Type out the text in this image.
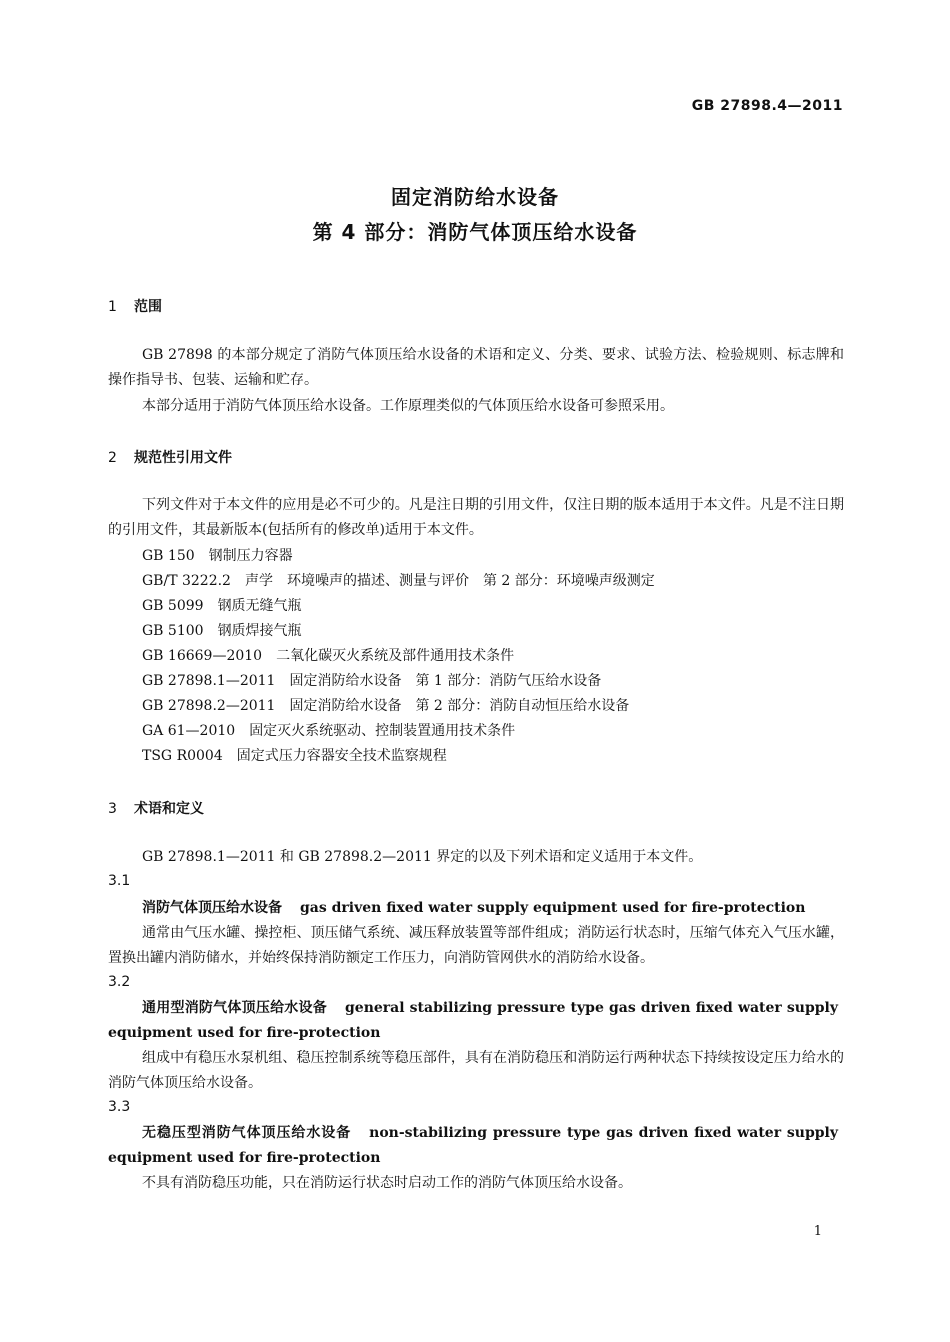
GB 27898.4—2011
固定消防给水设备
第 4 部分：消防气体顶压给水设备
1 范围
GB 27898 的本部分规定了消防气体顶压给水设备的术语和定义、分类、要求、试验方法、检验规则、标志牌和操作指导书、包装、运输和贮存。
本部分适用于消防气体顶压给水设备。工作原理类似的气体顶压给水设备可参照采用。
2 规范性引用文件
下列文件对于本文件的应用是必不可少的。凡是注日期的引用文件，仅注日期的版本适用于本文件。凡是不注日期的引用文件，其最新版本(包括所有的修改单)适用于本文件。
GB 150 钢制压力容器
GB/T 3222.2 声学　环境噪声的描述、测量与评价　第 2 部分：环境噪声级测定
GB 5099 钢质无缝气瓶
GB 5100 钢质焊接气瓶
GB 16669—2010 二氧化碳灭火系统及部件通用技术条件
GB 27898.1—2011 固定消防给水设备　第 1 部分：消防气压给水设备
GB 27898.2—2011 固定消防给水设备　第 2 部分：消防自动恒压给水设备
GA 61—2010 固定灭火系统驱动、控制装置通用技术条件
TSG R0004 固定式压力容器安全技术监察规程
3 术语和定义
GB 27898.1—2011 和 GB 27898.2—2011 界定的以及下列术语和定义适用于本文件。
3.1
消防气体顶压给水设备 gas driven fixed water supply equipment used for fire-protection
通常由气压水罐、操控柜、顶压储气系统、减压释放装置等部件组成；消防运行状态时，压缩气体充入气压水罐，置换出罐内消防储水，并始终保持消防额定工作压力，向消防管网供水的消防给水设备。
3.2
通用型消防气体顶压给水设备 general stabilizing pressure type gas driven fixed water supply equipment used for fire-protection
组成中有稳压水泵机组、稳压控制系统等稳压部件，具有在消防稳压和消防运行两种状态下持续按设定压力给水的消防气体顶压给水设备。
3.3
无稳压型消防气体顶压给水设备 non-stabilizing pressure type gas driven fixed water supply equipment used for fire-protection
不具有消防稳压功能，只在消防运行状态时启动工作的消防气体顶压给水设备。
1
